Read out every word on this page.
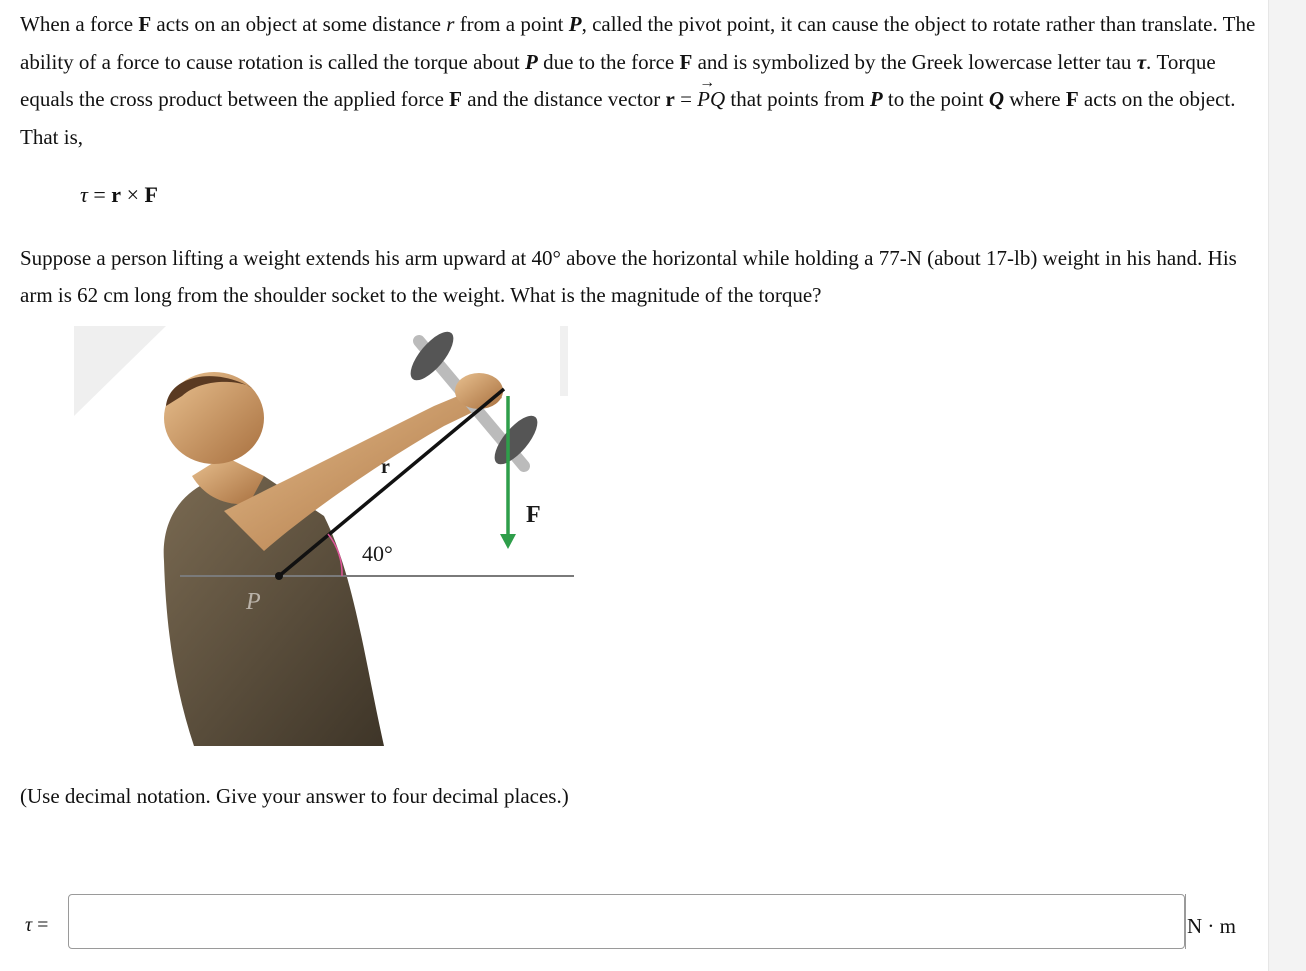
When a force F acts on an object at some distance r from a point P, called the pivot point, it can cause the object to rotate rather than translate. The ability of a force to cause rotation is called the torque about P due to the force F and is symbolized by the Greek lowercase letter tau τ. Torque equals the cross product between the applied force F and the distance vector r =
→
PQ that points from P to the point Q where F acts on the object. That is,

τ = r × F

Suppose a person lifting a weight extends his arm upward at 40° above the horizontal while holding a 77-N (about 17-lb) weight in his hand. His arm is 62 cm long from the shoulder socket to the weight. What is the magnitude of the torque?

r
F
40°
P

(Use decimal notation. Give your answer to four decimal places.)

τ =	N · m
